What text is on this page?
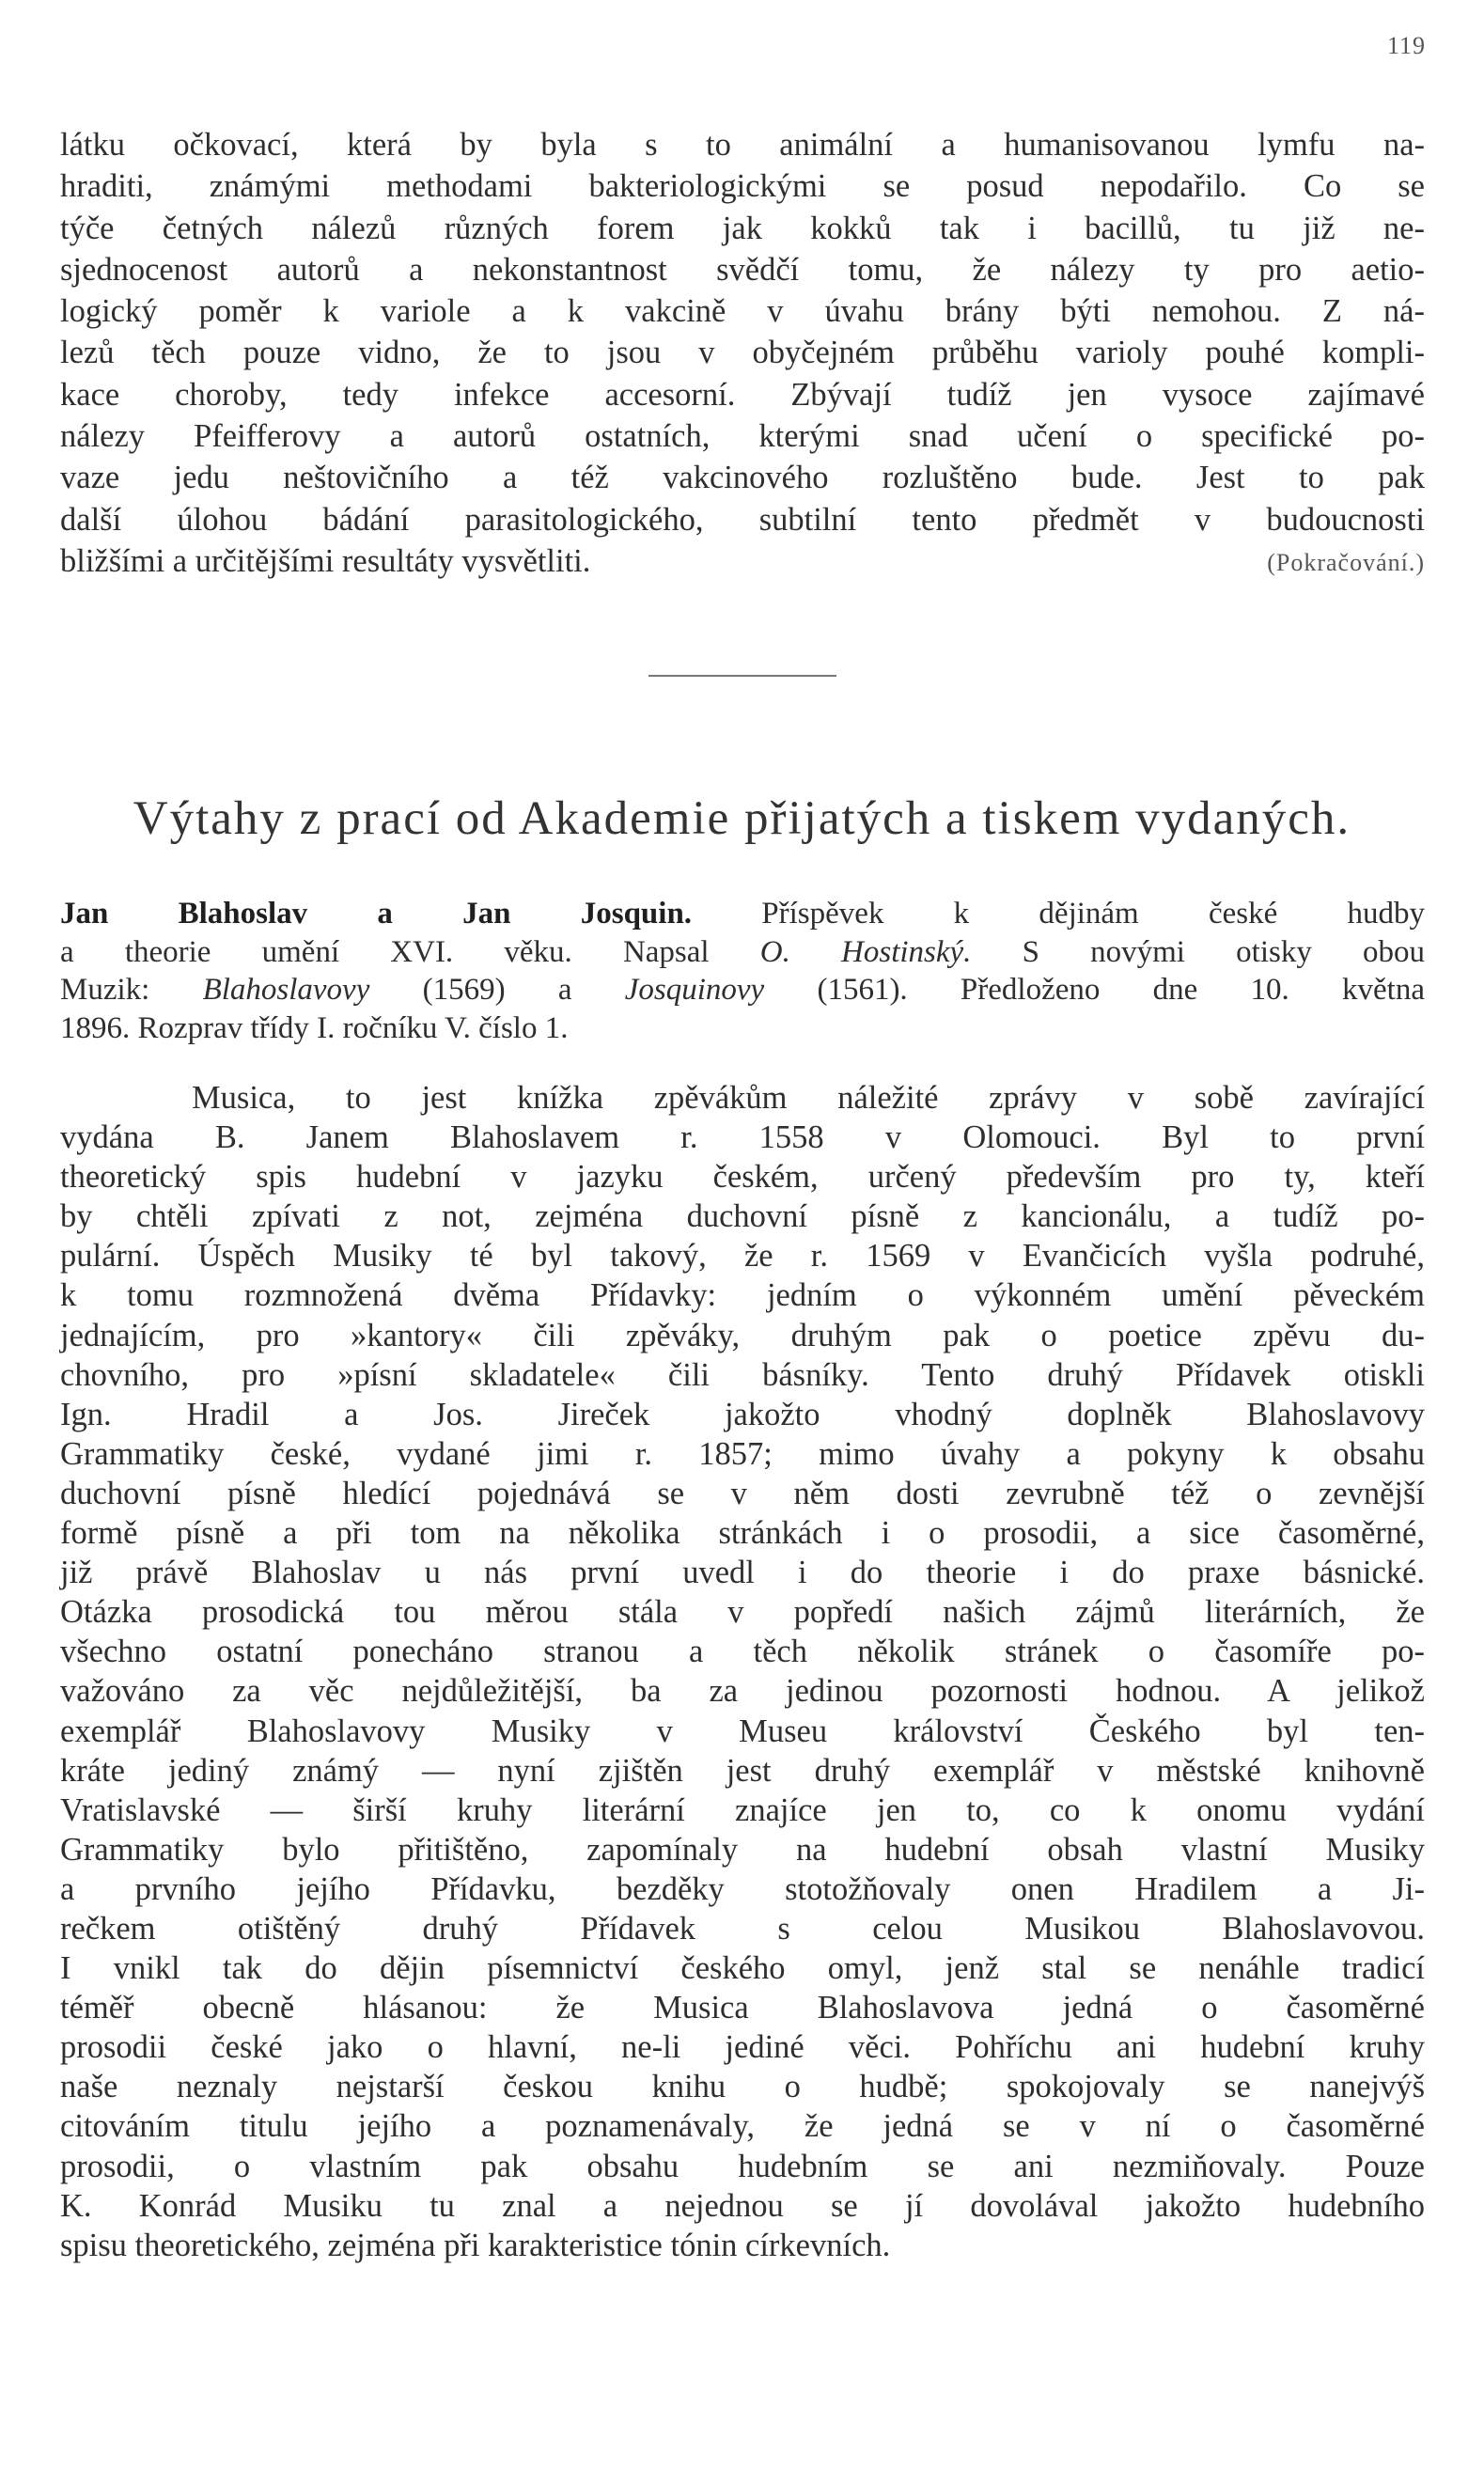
119
látku očkovací, která by byla s to animální a humanisovanou lymfu na-
hraditi, známými methodami bakteriologickými se posud nepodařilo. Co se
týče četných nálezů různých forem jak kokků tak i bacillů, tu již ne-
sjednocenost autorů a nekonstantnost svědčí tomu, že nálezy ty pro aetio-
logický poměr k variole a k vakcině v úvahu brány býti nemohou. Z ná-
lezů těch pouze vidno, že to jsou v obyčejném průběhu varioly pouhé kompli-
kace choroby, tedy infekce accesorní. Zbývají tudíž jen vysoce zajímavé
nálezy Pfeifferovy a autorů ostatních, kterými snad učení o specifické po-
vaze jedu neštovičního a též vakcinového rozluštěno bude. Jest to pak
další úlohou bádání parasitologického, subtilní tento předmět v budoucnosti
bližšími a určitějšími resultáty vysvětliti.	(Pokračování.)
Výtahy z prací od Akademie přijatých a tiskem vydaných.
Jan Blahoslav a Jan Josquin. Příspěvek k dějinám české hudby
a theorie umění XVI. věku. Napsal O. Hostinský. S novými otisky obou
Muzik: Blahoslavovy (1569) a Josquinovy (1561). Předloženo dne 10. května
1896. Rozprav třídy I. ročníku V. číslo 1.
Musica, to jest knížka zpěvákům náležité zprávy v sobě zavírající
vydána B. Janem Blahoslavem r. 1558 v Olomouci. Byl to první
theoretický spis hudební v jazyku českém, určený především pro ty, kteří
by chtěli zpívati z not, zejména duchovní písně z kancionálu, a tudíž po-
pulární. Úspěch Musiky té byl takový, že r. 1569 v Evančicích vyšla podruhé,
k tomu rozmnožená dvěma Přídavky: jedním o výkonném umění pěveckém
jednajícím, pro »kantory« čili zpěváky, druhým pak o poetice zpěvu du-
chovního, pro »písní skladatele« čili básníky. Tento druhý Přídavek otiskli
Ign. Hradil a Jos. Jireček jakožto vhodný doplněk Blahoslavovy
Grammatiky české, vydané jimi r. 1857; mimo úvahy a pokyny k obsahu
duchovní písně hledící pojednává se v něm dosti zevrubně též o zevnější
formě písně a při tom na několika stránkách i o prosodii, a sice časoměrné,
již právě Blahoslav u nás první uvedl i do theorie i do praxe básnické.
Otázka prosodická tou měrou stála v popředí našich zájmů literárních, že
všechno ostatní ponecháno stranou a těch několik stránek o časomíře po-
važováno za věc nejdůležitější, ba za jedinou pozornosti hodnou. A jelikož
exemplář Blahoslavovy Musiky v Museu království Českého byl ten-
kráte jediný známý — nyní zjištěn jest druhý exemplář v městské knihovně
Vratislavské — širší kruhy literární znajíce jen to, co k onomu vydání
Grammatiky bylo přitištěno, zapomínaly na hudební obsah vlastní Musiky
a prvního jejího Přídavku, bezděky stotožňovaly onen Hradilem a Ji-
rečkem otištěný druhý Přídavek s celou Musikou Blahoslavovou.
I vnikl tak do dějin písemnictví českého omyl, jenž stal se nenáhle tradicí
téměř obecně hlásanou: že Musica Blahoslavova jedná o časoměrné
prosodii české jako o hlavní, ne-li jediné věci. Pohříchu ani hudební kruhy
naše neznaly nejstarší českou knihu o hudbě; spokojovaly se nanejvýš
citováním titulu jejího a poznamenávaly, že jedná se v ní o časoměrné
prosodii, o vlastním pak obsahu hudebním se ani nezmiňovaly. Pouze
K. Konrád Musiku tu znal a nejednou se jí dovolával jakožto hudebního
spisu theoretického, zejména při karakteristice tónin církevních.
